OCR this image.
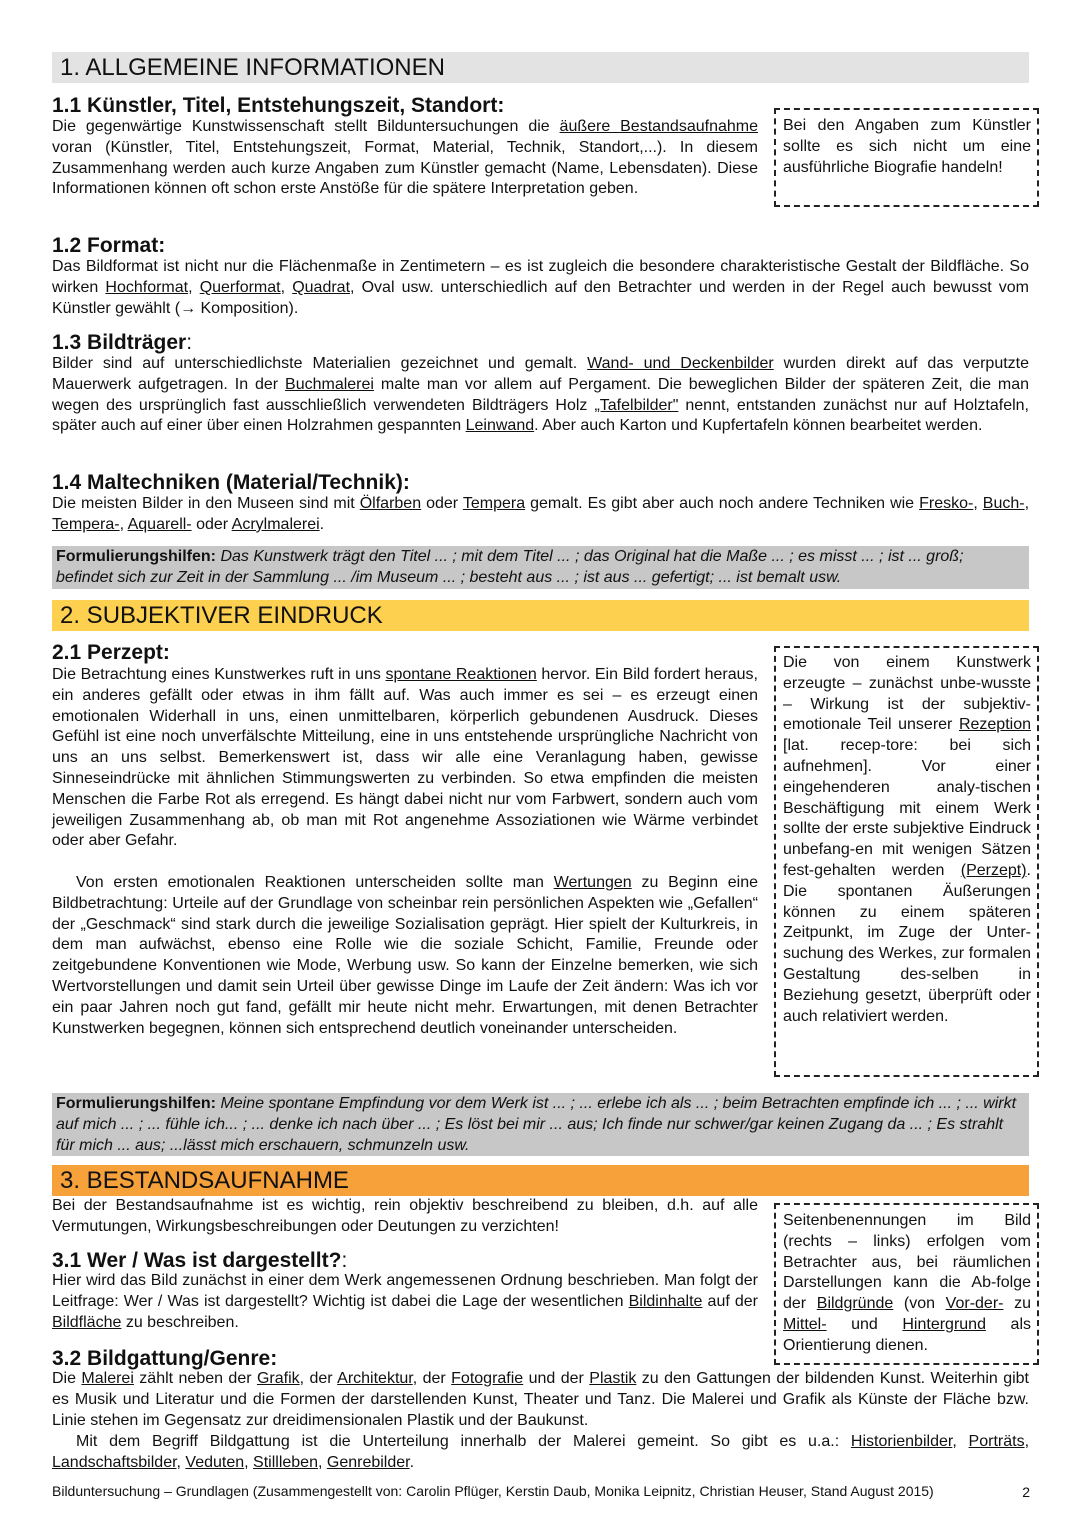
1. ALLGEMEINE INFORMATIONEN
1.1 Künstler, Titel, Entstehungszeit, Standort:
Die gegenwärtige Kunstwissenschaft stellt Bilduntersuchungen die äußere Bestandsaufnahme voran (Künstler, Titel, Entstehungszeit, Format, Material, Technik, Standort,...). In diesem Zusammenhang werden auch kurze Angaben zum Künstler gemacht (Name, Lebensdaten). Diese Informationen können oft schon erste Anstöße für die spätere Interpretation geben.
Bei den Angaben zum Künstler sollte es sich nicht um eine ausführliche Biografie handeln!
1.2 Format:
Das Bildformat ist nicht nur die Flächenmaße in Zentimetern – es ist zugleich die besondere charakteristische Gestalt der Bildfläche. So wirken Hochformat, Querformat, Quadrat, Oval usw. unterschiedlich auf den Betrachter und werden in der Regel auch bewusst vom Künstler gewählt (→ Komposition).
1.3 Bildträger:
Bilder sind auf unterschiedlichste Materialien gezeichnet und gemalt. Wand- und Deckenbilder wurden direkt auf das verputzte Mauerwerk aufgetragen. In der Buchmalerei malte man vor allem auf Pergament. Die beweglichen Bilder der späteren Zeit, die man wegen des ursprünglich fast ausschließlich verwendeten Bildträgers Holz „Tafelbilder" nennt, entstanden zunächst nur auf Holztafeln, später auch auf einer über einen Holzrahmen gespannten Leinwand. Aber auch Karton und Kupfertafeln können bearbeitet werden.
1.4 Maltechniken (Material/Technik):
Die meisten Bilder in den Museen sind mit Ölfarben oder Tempera gemalt. Es gibt aber auch noch andere Techniken wie Fresko-, Buch-, Tempera-, Aquarell- oder Acrylmalerei.
Formulierungshilfen: Das Kunstwerk trägt den Titel ... ; mit dem Titel ... ; das Original hat die Maße ... ; es misst ... ; ist ... groß; befindet sich zur Zeit in der Sammlung ... /im Museum ... ; besteht aus ... ; ist aus ... gefertigt; ... ist bemalt usw.
2. SUBJEKTIVER EINDRUCK
2.1 Perzept:
Die Betrachtung eines Kunstwerkes ruft in uns spontane Reaktionen hervor. Ein Bild fordert heraus, ein anderes gefällt oder etwas in ihm fällt auf. Was auch immer es sei – es erzeugt einen emotionalen Widerhall in uns, einen unmittelbaren, körperlich gebundenen Ausdruck. Dieses Gefühl ist eine noch unverfälschte Mitteilung, eine in uns entstehende ursprüngliche Nachricht von uns an uns selbst. Bemerkenswert ist, dass wir alle eine Veranlagung haben, gewisse Sinneseindrücke mit ähnlichen Stimmungswerten zu verbinden. So etwa empfinden die meisten Menschen die Farbe Rot als erregend. Es hängt dabei nicht nur vom Farbwert, sondern auch vom jeweiligen Zusammenhang ab, ob man mit Rot angenehme Assoziationen wie Wärme verbindet oder aber Gefahr.
Von ersten emotionalen Reaktionen unterscheiden sollte man Wertungen zu Beginn eine Bildbetrachtung: Urteile auf der Grundlage von scheinbar rein persönlichen Aspekten wie „Gefallen“ der „Geschmack“ sind stark durch die jeweilige Sozialisation geprägt. Hier spielt der Kulturkreis, in dem man aufwächst, ebenso eine Rolle wie die soziale Schicht, Familie, Freunde oder zeitgebundene Konventionen wie Mode, Werbung usw. So kann der Einzelne bemerken, wie sich Wertvorstellungen und damit sein Urteil über gewisse Dinge im Laufe der Zeit ändern: Was ich vor ein paar Jahren noch gut fand, gefällt mir heute nicht mehr. Erwartungen, mit denen Betrachter Kunstwerken begegnen, können sich entsprechend deutlich voneinander unterscheiden.
Die von einem Kunstwerk erzeugte – zunächst unbe-wusste – Wirkung ist der subjektiv-emotionale Teil unserer Rezeption [lat. recep-tore: bei sich aufnehmen]. Vor einer eingehenderen analy-tischen Beschäftigung mit einem Werk sollte der erste subjektive Eindruck unbefang-en mit wenigen Sätzen fest-gehalten werden (Perzept). Die spontanen Äußerungen können zu einem späteren Zeitpunkt, im Zuge der Unter-suchung des Werkes, zur formalen Gestaltung des-selben in Beziehung gesetzt, überprüft oder auch relativiert werden.
Formulierungshilfen: Meine spontane Empfindung vor dem Werk ist ... ; ... erlebe ich als ... ; beim Betrachten empfinde ich ... ; ... wirkt auf mich ... ; ... fühle ich... ; ... denke ich nach über ... ; Es löst bei mir ... aus; Ich finde nur schwer/gar keinen Zugang da ... ; Es strahlt für mich ... aus; ...lässt mich erschauern, schmunzeln usw.
3. BESTANDSAUFNAHME
Bei der Bestandsaufnahme ist es wichtig, rein objektiv beschreibend zu bleiben, d.h. auf alle Vermutungen, Wirkungsbeschreibungen oder Deutungen zu verzichten!
3.1 Wer / Was ist dargestellt?:
Hier wird das Bild zunächst in einer dem Werk angemessenen Ordnung beschrieben. Man folgt der Leitfrage: Wer / Was ist dargestellt? Wichtig ist dabei die Lage der wesentlichen Bildinhalte auf der Bildfläche zu beschreiben.
Seitenbenennungen im Bild (rechts – links) erfolgen vom Betrachter aus, bei räumlichen Darstellungen kann die Ab-folge der Bildgründe (von Vor-der- zu Mittel- und Hintergrund als Orientierung dienen.
3.2 Bildgattung/Genre:
Die Malerei zählt neben der Grafik, der Architektur, der Fotografie und der Plastik zu den Gattungen der bildenden Kunst. Weiterhin gibt es Musik und Literatur und die Formen der darstellenden Kunst, Theater und Tanz. Die Malerei und Grafik als Künste der Fläche bzw. Linie stehen im Gegensatz zur dreidimensionalen Plastik und der Baukunst.
Mit dem Begriff Bildgattung ist die Unterteilung innerhalb der Malerei gemeint. So gibt es u.a.: Historienbilder, Porträts, Landschaftsbilder, Veduten, Stillleben, Genrebilder.
Bilduntersuchung – Grundlagen (Zusammengestellt von: Carolin Pflüger, Kerstin Daub, Monika Leipnitz, Christian Heuser, Stand August 2015)	2
